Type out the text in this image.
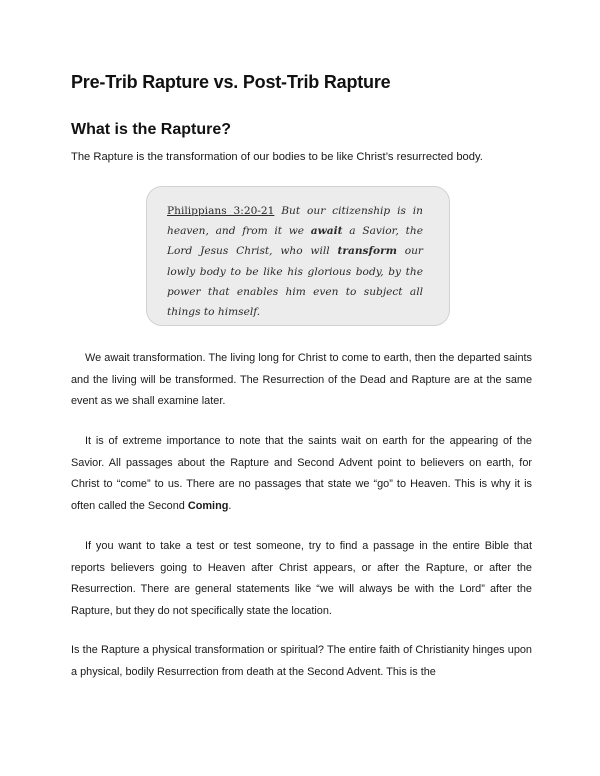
Pre-Trib Rapture vs. Post-Trib Rapture
What is the Rapture?

The Rapture is the transformation of our bodies to be like Christ’s resurrected body.

Philippians 3:20-21 But our citizenship is in heaven, and from it we await a Savior, the Lord Jesus Christ, who will transform our lowly body to be like his glorious body, by the power that enables him even to subject all things to himself.

We await transformation. The living long for Christ to come to earth, then the departed saints and the living will be transformed. The Resurrection of the Dead and Rapture are at the same event as we shall examine later.

It is of extreme importance to note that the saints wait on earth for the appearing of the Savior. All passages about the Rapture and Second Advent point to believers on earth, for Christ to “come” to us. There are no passages that state we “go” to Heaven. This is why it is often called the Second Coming.

If you want to take a test or test someone, try to find a passage in the entire Bible that reports believers going to Heaven after Christ appears, or after the Rapture, or after the Resurrection. There are general statements like “we will always be with the Lord” after the Rapture, but they do not specifically state the location.

Is the Rapture a physical transformation or spiritual? The entire faith of Christianity hinges upon a physical, bodily Resurrection from death at the Second Advent. This is the
